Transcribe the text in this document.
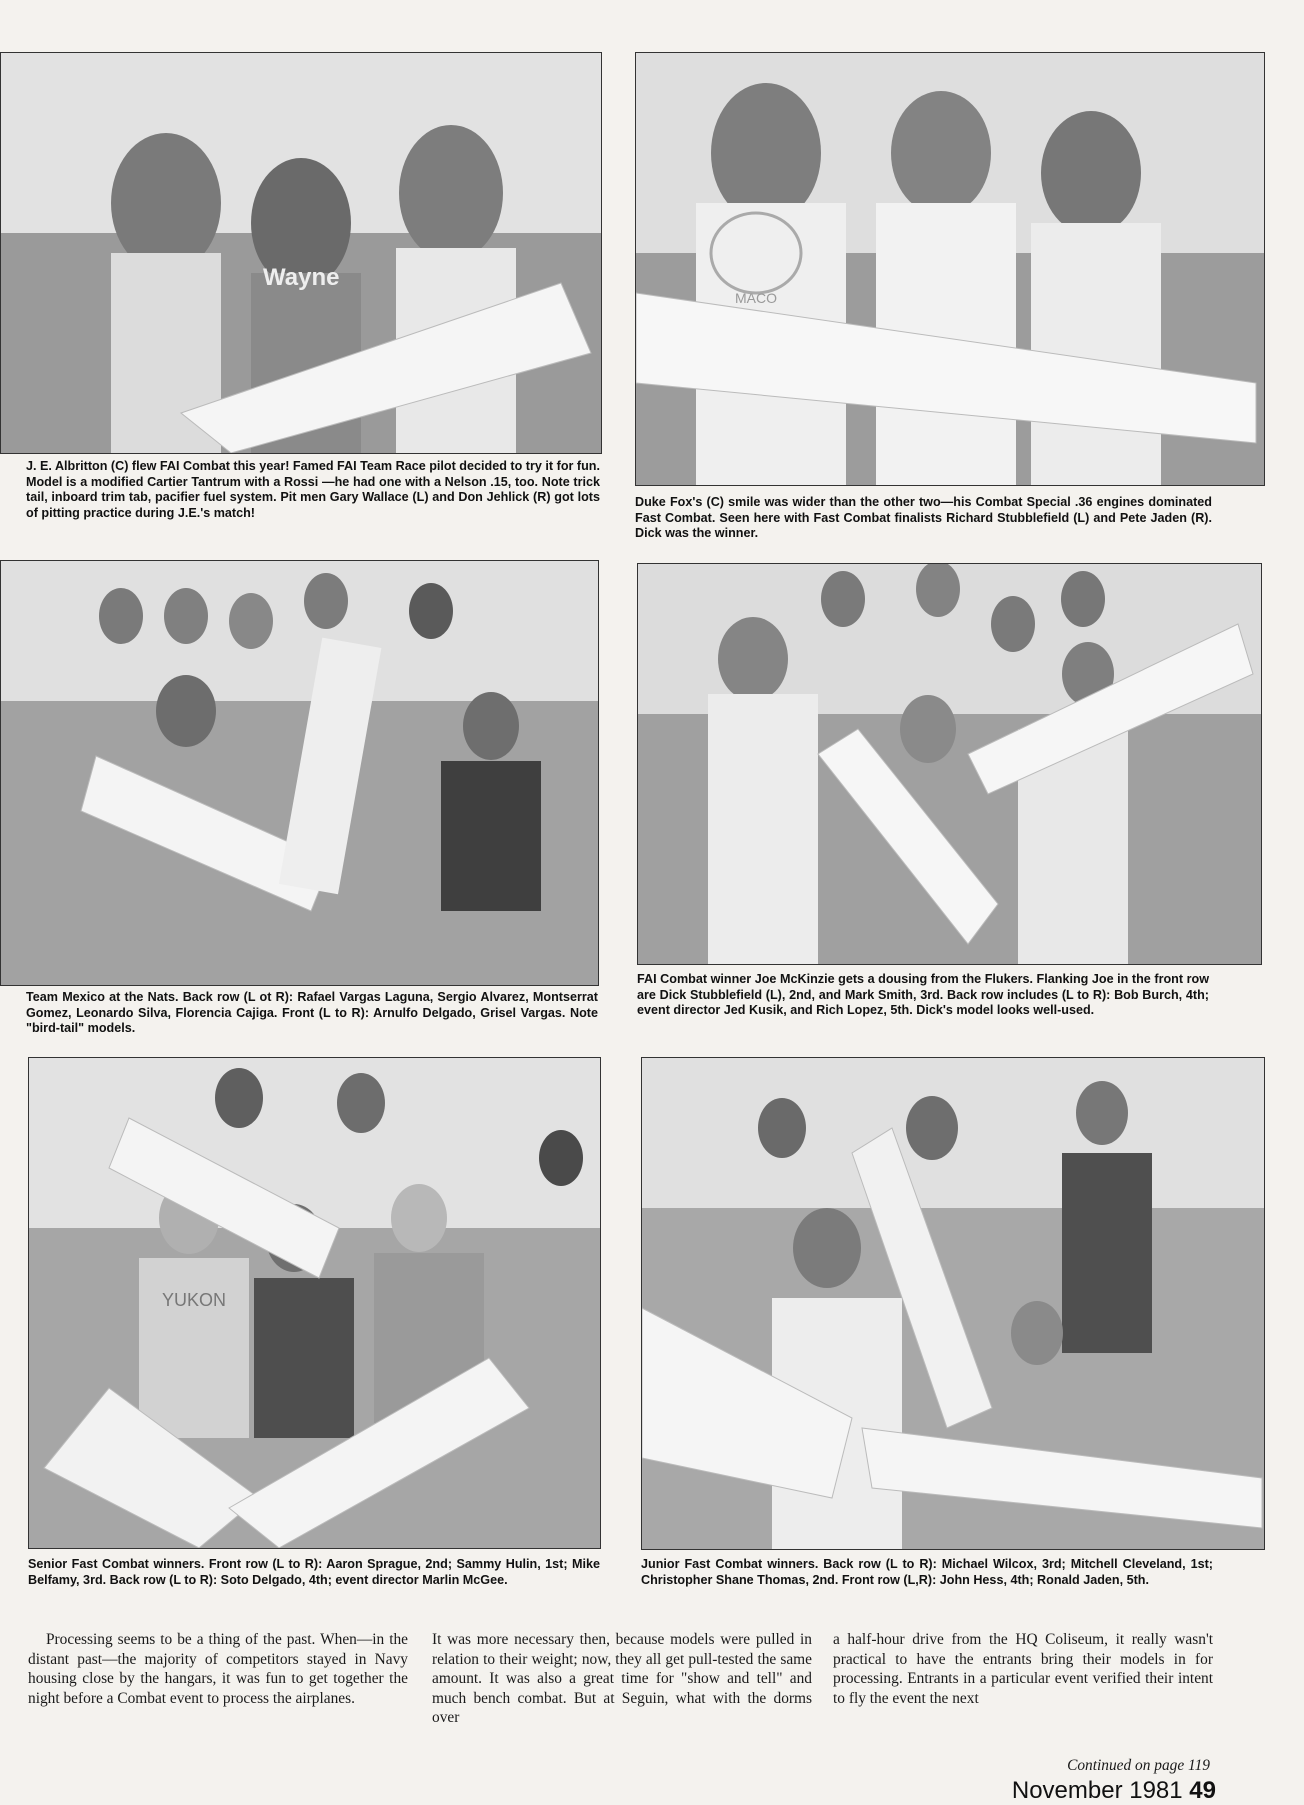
Wayne
J. E. Albritton (C) flew FAI Combat this year! Famed FAI Team Race pilot decided to try it for fun. Model is a modified Cartier Tantrum with a Rossi —he had one with a Nelson .15, too. Note trick tail, inboard trim tab, pacifier fuel system. Pit men Gary Wallace (L) and Don Jehlick (R) got lots of pitting practice during J.E.'s match!
MACO
Duke Fox's (C) smile was wider than the other two—his Combat Special .36 engines dominated Fast Combat. Seen here with Fast Combat finalists Richard Stubblefield (L) and Pete Jaden (R). Dick was the winner.
Team Mexico at the Nats. Back row (L ot R): Rafael Vargas Laguna, Sergio Alvarez, Montserrat Gomez, Leonardo Silva, Florencia Cajiga. Front (L to R): Arnulfo Delgado, Grisel Vargas. Note "bird-tail" models.
FAI Combat winner Joe McKinzie gets a dousing from the Flukers. Flanking Joe in the front row are Dick Stubblefield (L), 2nd, and Mark Smith, 3rd. Back row includes (L to R): Bob Burch, 4th; event director Jed Kusik, and Rich Lopez, 5th. Dick's model looks well-used.
YUKON
Senior Fast Combat winners. Front row (L to R): Aaron Sprague, 2nd; Sammy Hulin, 1st; Mike Belfamy, 3rd. Back row (L to R): Soto Delgado, 4th; event director Marlin McGee.
Junior Fast Combat winners. Back row (L to R): Michael Wilcox, 3rd; Mitchell Cleveland, 1st; Christopher Shane Thomas, 2nd. Front row (L,R): John Hess, 4th; Ronald Jaden, 5th.
Processing seems to be a thing of the past. When—in the distant past—the majority of competitors stayed in Navy housing close by the hangars, it was fun to get together the night before a Combat event to process the airplanes.
It was more necessary then, because models were pulled in relation to their weight; now, they all get pull-tested the same amount. It was also a great time for "show and tell" and much bench combat. But at Seguin, what with the dorms over
a half-hour drive from the HQ Coliseum, it really wasn't practical to have the entrants bring their models in for processing. Entrants in a particular event verified their intent to fly the event the next
Continued on page 119
November 1981 49
